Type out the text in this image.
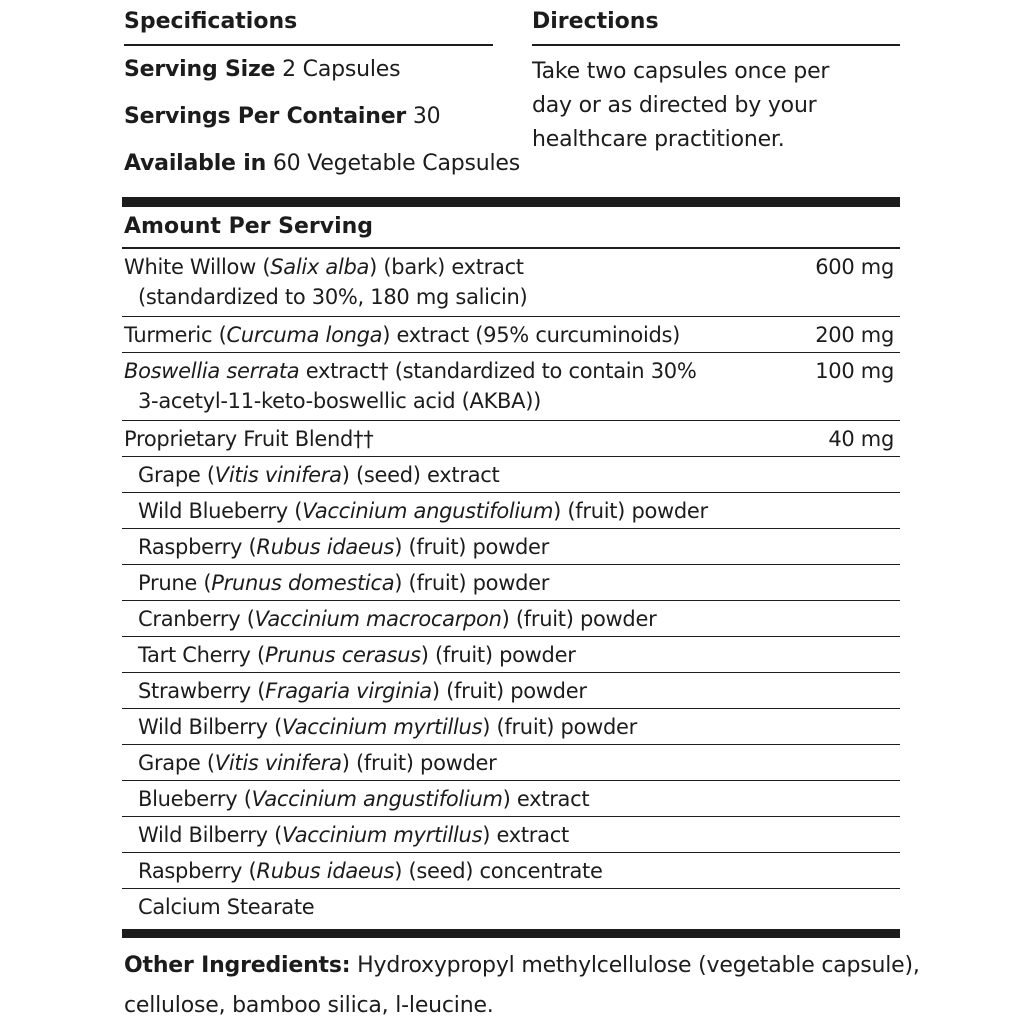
Specifications
Serving Size 2 Capsules
Servings Per Container 30
Available in 60 Vegetable Capsules
Directions
Take two capsules once per
day or as directed by your
healthcare practitioner.
Amount Per Serving
White Willow (Salix alba) (bark) extract
(standardized to 30%, 180 mg salicin)
600 mg
Turmeric (Curcuma longa) extract (95% curcuminoids)	200 mg
Boswellia serrata extract† (standardized to contain 30%
3-acetyl-11-keto-boswellic acid (AKBA))
100 mg
Proprietary Fruit Blend††	40 mg
Grape (Vitis vinifera) (seed) extract
Wild Blueberry (Vaccinium angustifolium) (fruit) powder
Raspberry (Rubus idaeus) (fruit) powder
Prune (Prunus domestica) (fruit) powder
Cranberry (Vaccinium macrocarpon) (fruit) powder
Tart Cherry (Prunus cerasus) (fruit) powder
Strawberry (Fragaria virginia) (fruit) powder
Wild Bilberry (Vaccinium myrtillus) (fruit) powder
Grape (Vitis vinifera) (fruit) powder
Blueberry (Vaccinium angustifolium) extract
Wild Bilberry (Vaccinium myrtillus) extract
Raspberry (Rubus idaeus) (seed) concentrate
Calcium Stearate
Other Ingredients: Hydroxypropyl methylcellulose (vegetable capsule),
cellulose, bamboo silica, l-leucine.
